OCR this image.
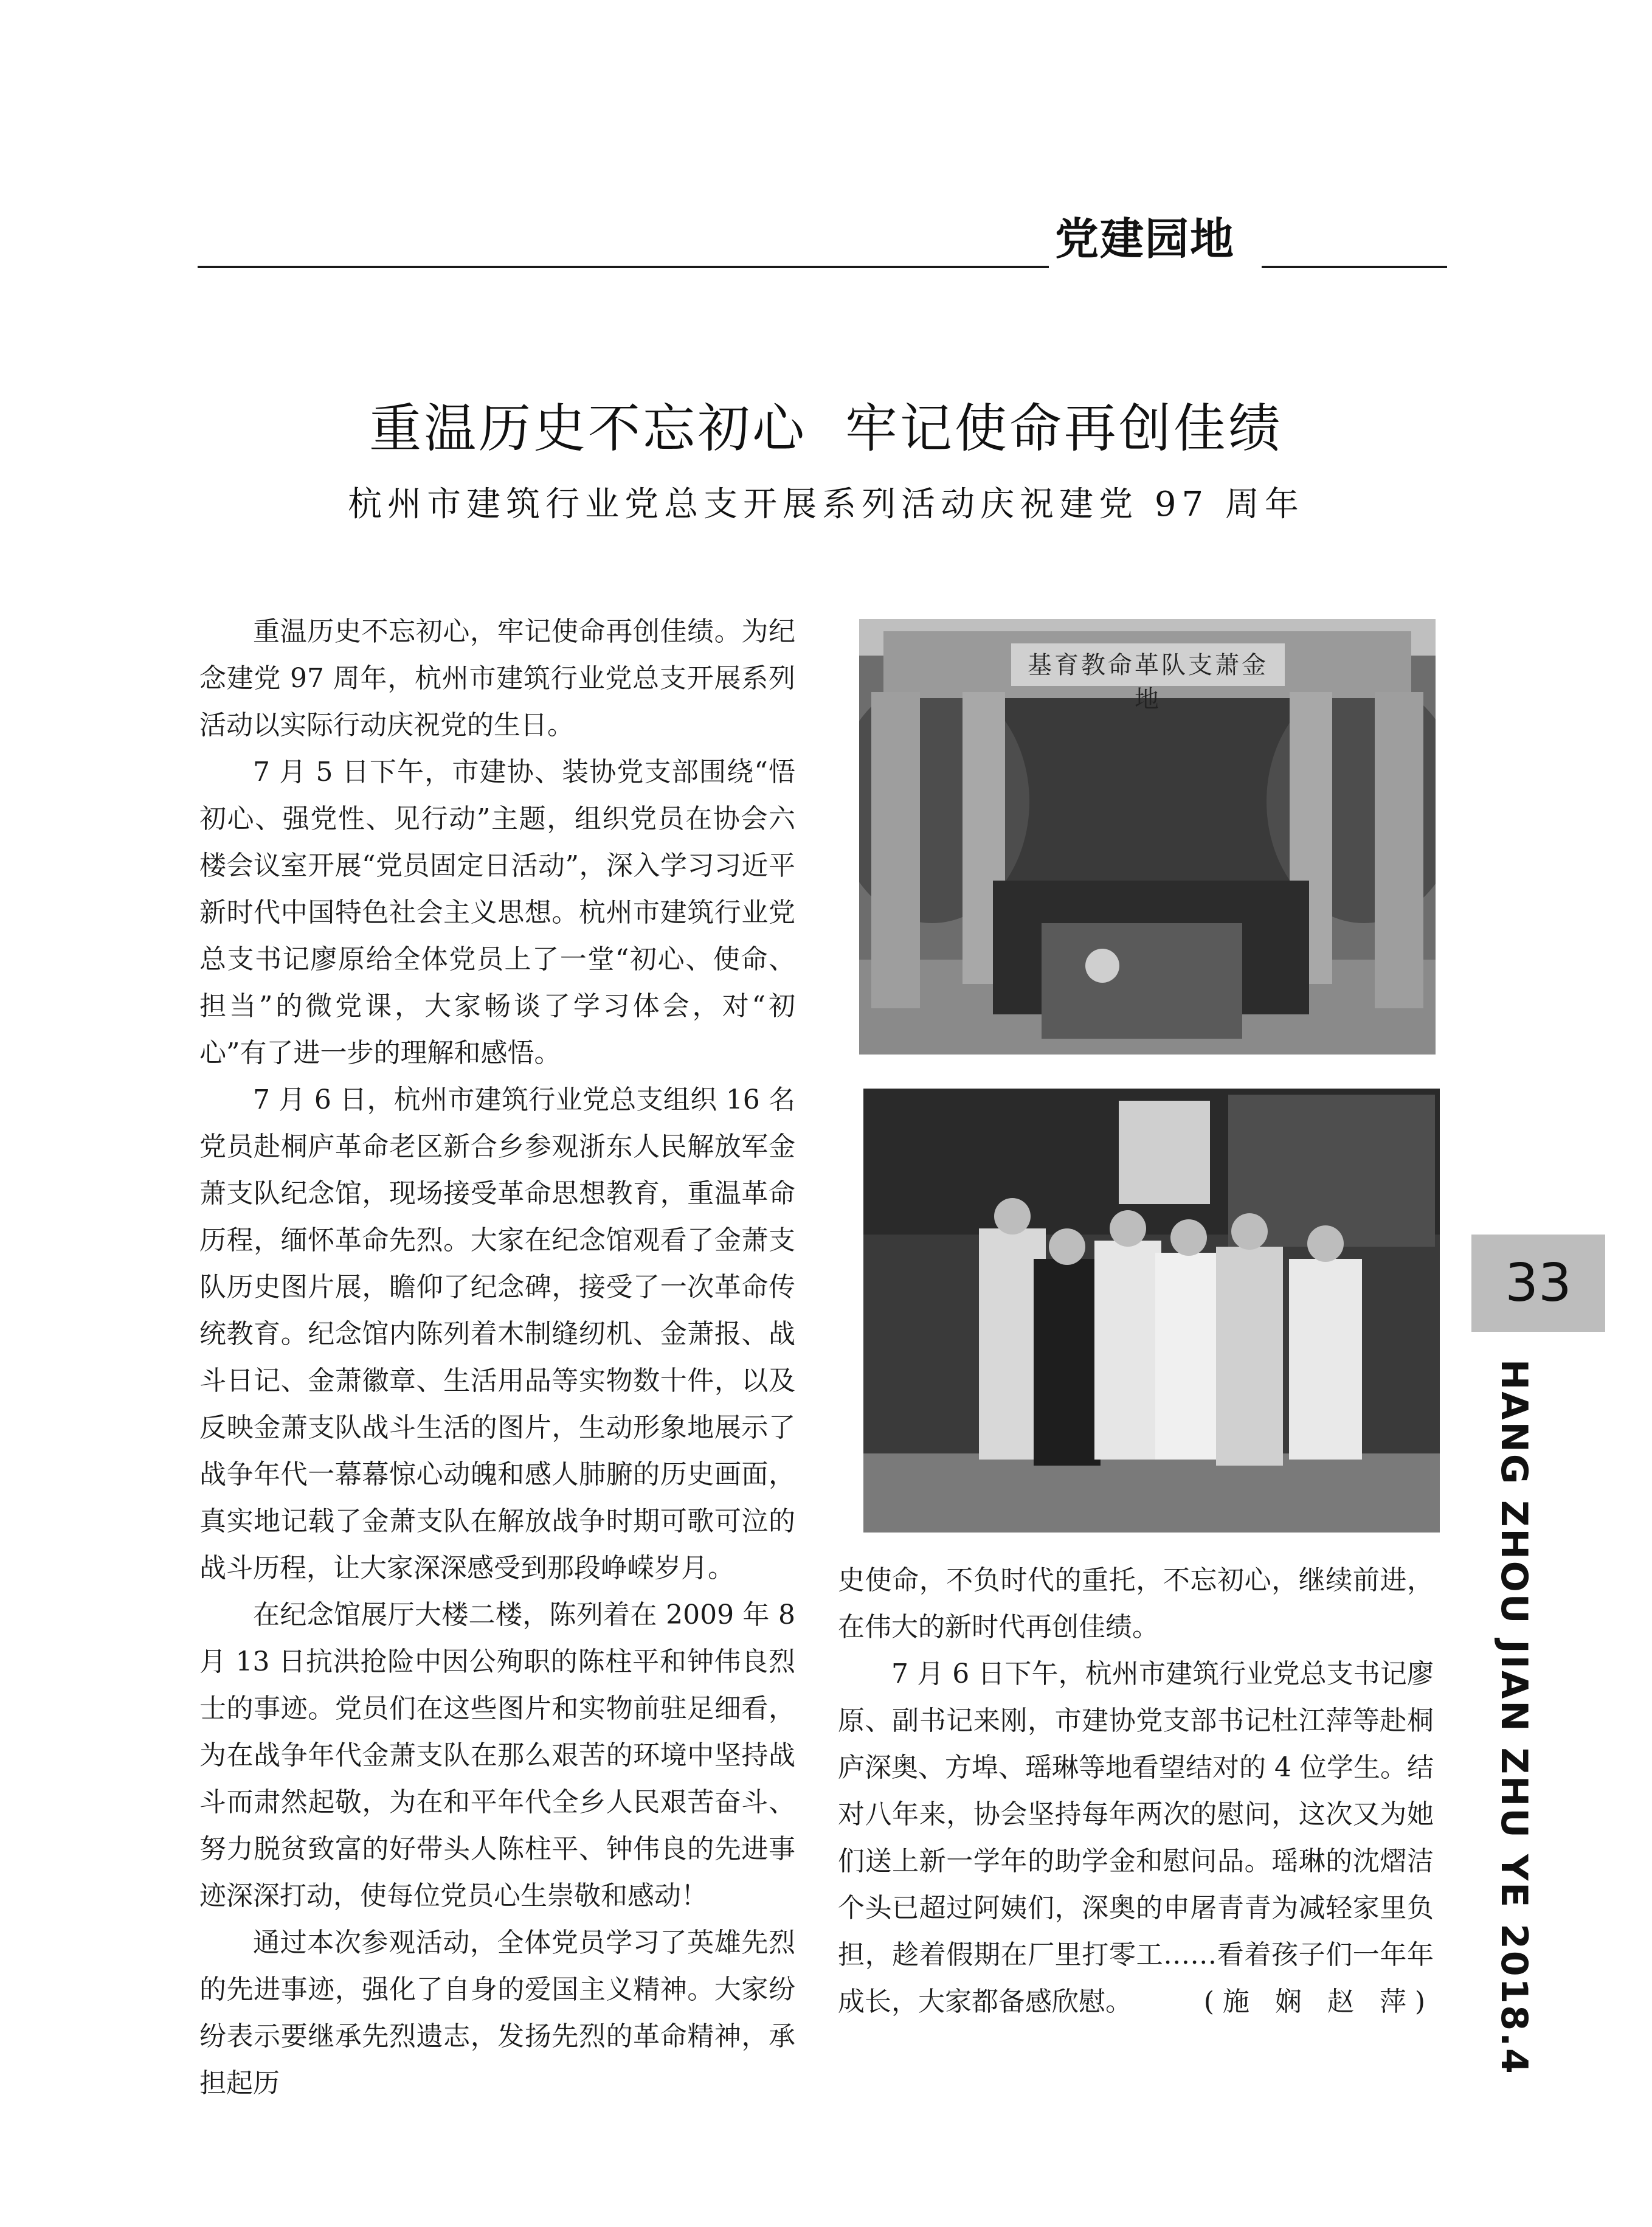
党建园地
重温历史不忘初心  牢记使命再创佳绩
杭州市建筑行业党总支开展系列活动庆祝建党 97 周年

重温历史不忘初心，牢记使命再创佳绩。为纪念建党 97 周年，杭州市建筑行业党总支开展系列活动以实际行动庆祝党的生日。

7 月 5 日下午，市建协、装协党支部围绕“悟初心、强党性、见行动”主题，组织党员在协会六楼会议室开展“党员固定日活动”，深入学习习近平新时代中国特色社会主义思想。杭州市建筑行业党总支书记廖原给全体党员上了一堂“初心、使命、担当”的微党课，大家畅谈了学习体会，对“初心”有了进一步的理解和感悟。

7 月 6 日，杭州市建筑行业党总支组织 16 名党员赴桐庐革命老区新合乡参观浙东人民解放军金萧支队纪念馆，现场接受革命思想教育，重温革命历程，缅怀革命先烈。大家在纪念馆观看了金萧支队历史图片展，瞻仰了纪念碑，接受了一次革命传统教育。纪念馆内陈列着木制缝纫机、金萧报、战斗日记、金萧徽章、生活用品等实物数十件，以及反映金萧支队战斗生活的图片，生动形象地展示了战争年代一幕幕惊心动魄和感人肺腑的历史画面，真实地记载了金萧支队在解放战争时期可歌可泣的战斗历程，让大家深深感受到那段峥嵘岁月。

在纪念馆展厅大楼二楼，陈列着在 2009 年 8 月 13 日抗洪抢险中因公殉职的陈柱平和钟伟良烈士的事迹。党员们在这些图片和实物前驻足细看，为在战争年代金萧支队在那么艰苦的环境中坚持战斗而肃然起敬，为在和平年代全乡人民艰苦奋斗、努力脱贫致富的好带头人陈柱平、钟伟良的先进事迹深深打动，使每位党员心生崇敬和感动！

通过本次参观活动，全体党员学习了英雄先烈的先进事迹，强化了自身的爱国主义精神。大家纷纷表示要继承先烈遗志，发扬先烈的革命精神，承担起历

金萧支队革命教育基地

史使命，不负时代的重托，不忘初心，继续前进，在伟大的新时代再创佳绩。

7 月 6 日下午，杭州市建筑行业党总支书记廖原、副书记来刚，市建协党支部书记杜江萍等赴桐庐深奥、方埠、瑶琳等地看望结对的 4 位学生。结对八年来，协会坚持每年两次的慰问，这次又为她们送上新一学年的助学金和慰问品。瑶琳的沈熠洁个头已超过阿姨们，深奥的申屠青青为减轻家里负担，趁着假期在厂里打零工……看着孩子们一年年成长，大家都备感欣慰。	(施 娴 赵 萍)
33
HANG ZHOU JIAN ZHU YE 2018.4
